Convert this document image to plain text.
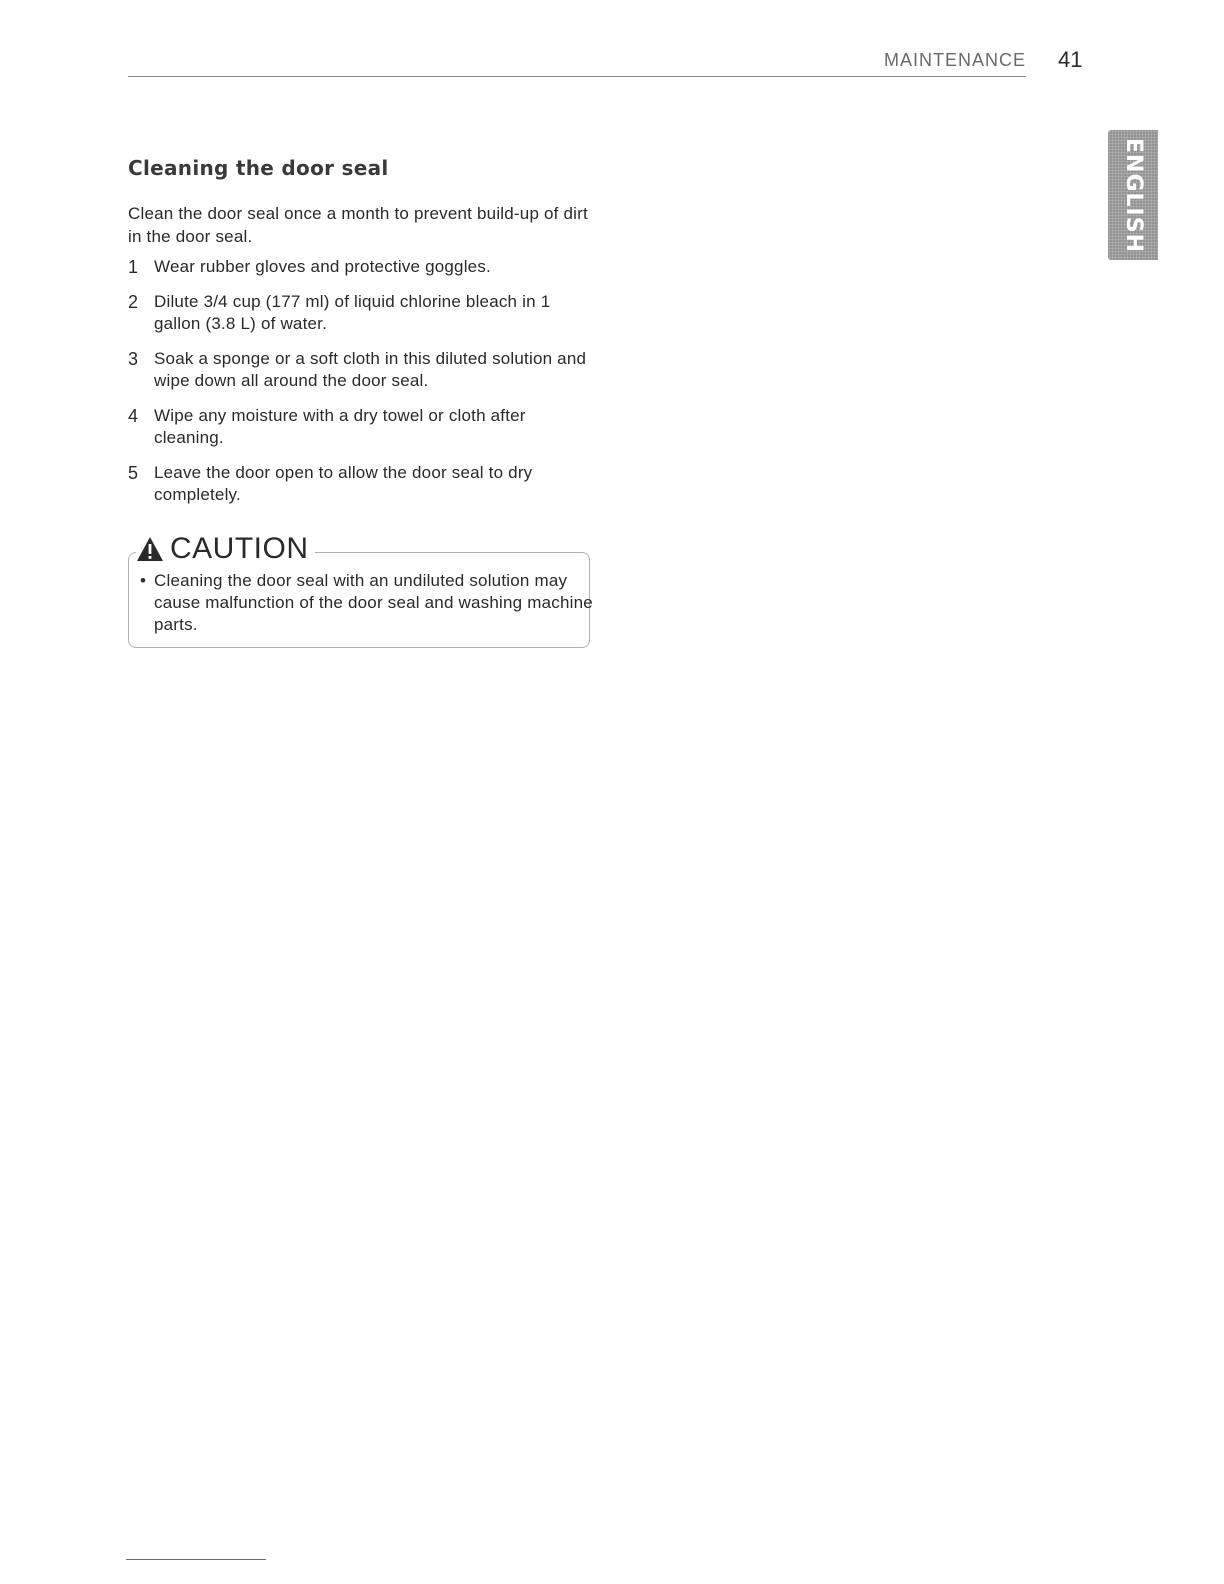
MAINTENANCE 41
ENGLISH
Cleaning the door seal

Clean the door seal once a month to prevent build-up of dirt in the door seal.

1 Wear rubber gloves and protective goggles.
2 Dilute 3/4 cup (177 ml) of liquid chlorine bleach in 1 gallon (3.8 L) of water.
3 Soak a sponge or a soft cloth in this diluted solution and wipe down all around the door seal.
4 Wipe any moisture with a dry towel or cloth after cleaning.
5 Leave the door open to allow the door seal to dry completely.
CAUTION
• Cleaning the door seal with an undiluted solution may cause malfunction of the door seal and washing machine parts.
